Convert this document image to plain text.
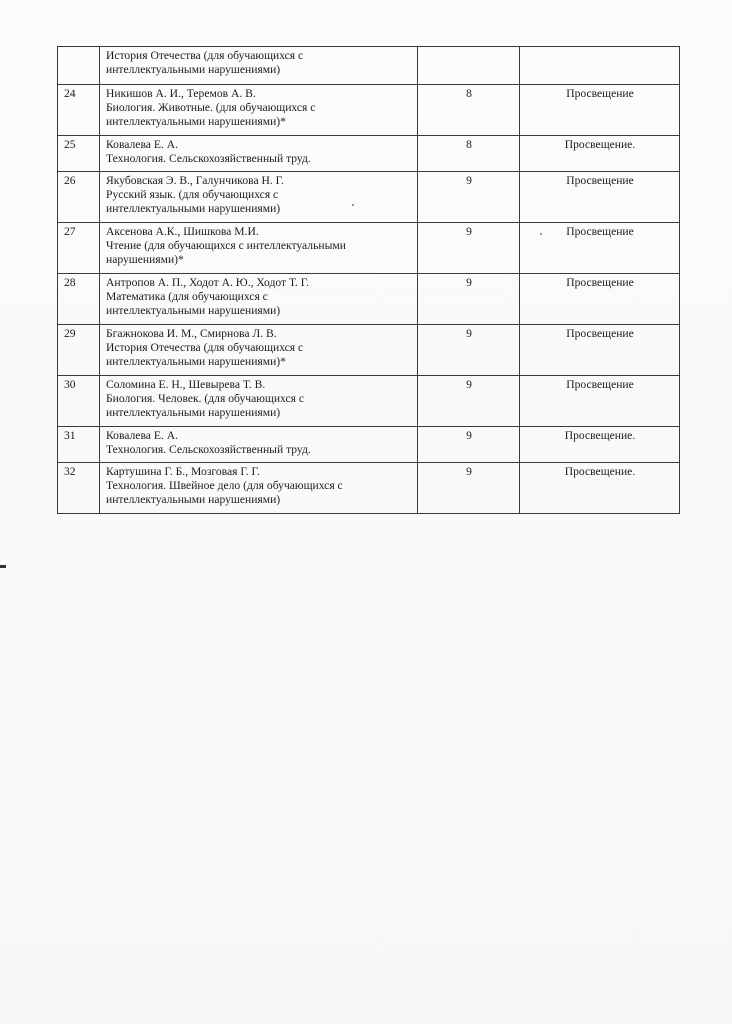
	История Отечества (для обучающихся с
интеллектуальными нарушениями)		

24	Никишов А. И., Теремов А. В.
Биология. Животные. (для обучающихся с
интеллектуальными нарушениями)*	8	Просвещение
25	Ковалева Е. А.
Технология. Сельскохозяйственный труд.	8	Просвещение.
26	Якубовская Э. В., Галунчикова Н. Г.
Русский язык. (для обучающихся с
интеллектуальными нарушениями)	9	Просвещение
27	Аксенова А.К., Шишкова М.И.
Чтение (для обучающихся с интеллектуальными
нарушениями)*	9	Просвещение
28	Антропов А. П., Ходот А. Ю., Ходот Т. Г.
Математика (для обучающихся с
интеллектуальными нарушениями)	9	Просвещение
29	Бгажнокова И. М., Смирнова Л. В.
История Отечества (для обучающихся с
интеллектуальными нарушениями)*	9	Просвещение
30	Соломина Е. Н., Шевырева Т. В.
Биология. Человек. (для обучающихся с
интеллектуальными нарушениями)	9	Просвещение
31	Ковалева Е. А.
Технология. Сельскохозяйственный труд.	9	Просвещение.
32	Картушина Г. Б., Мозговая Г. Г.
Технология. Швейное дело (для обучающихся с
интеллектуальными нарушениями)	9	Просвещение.
